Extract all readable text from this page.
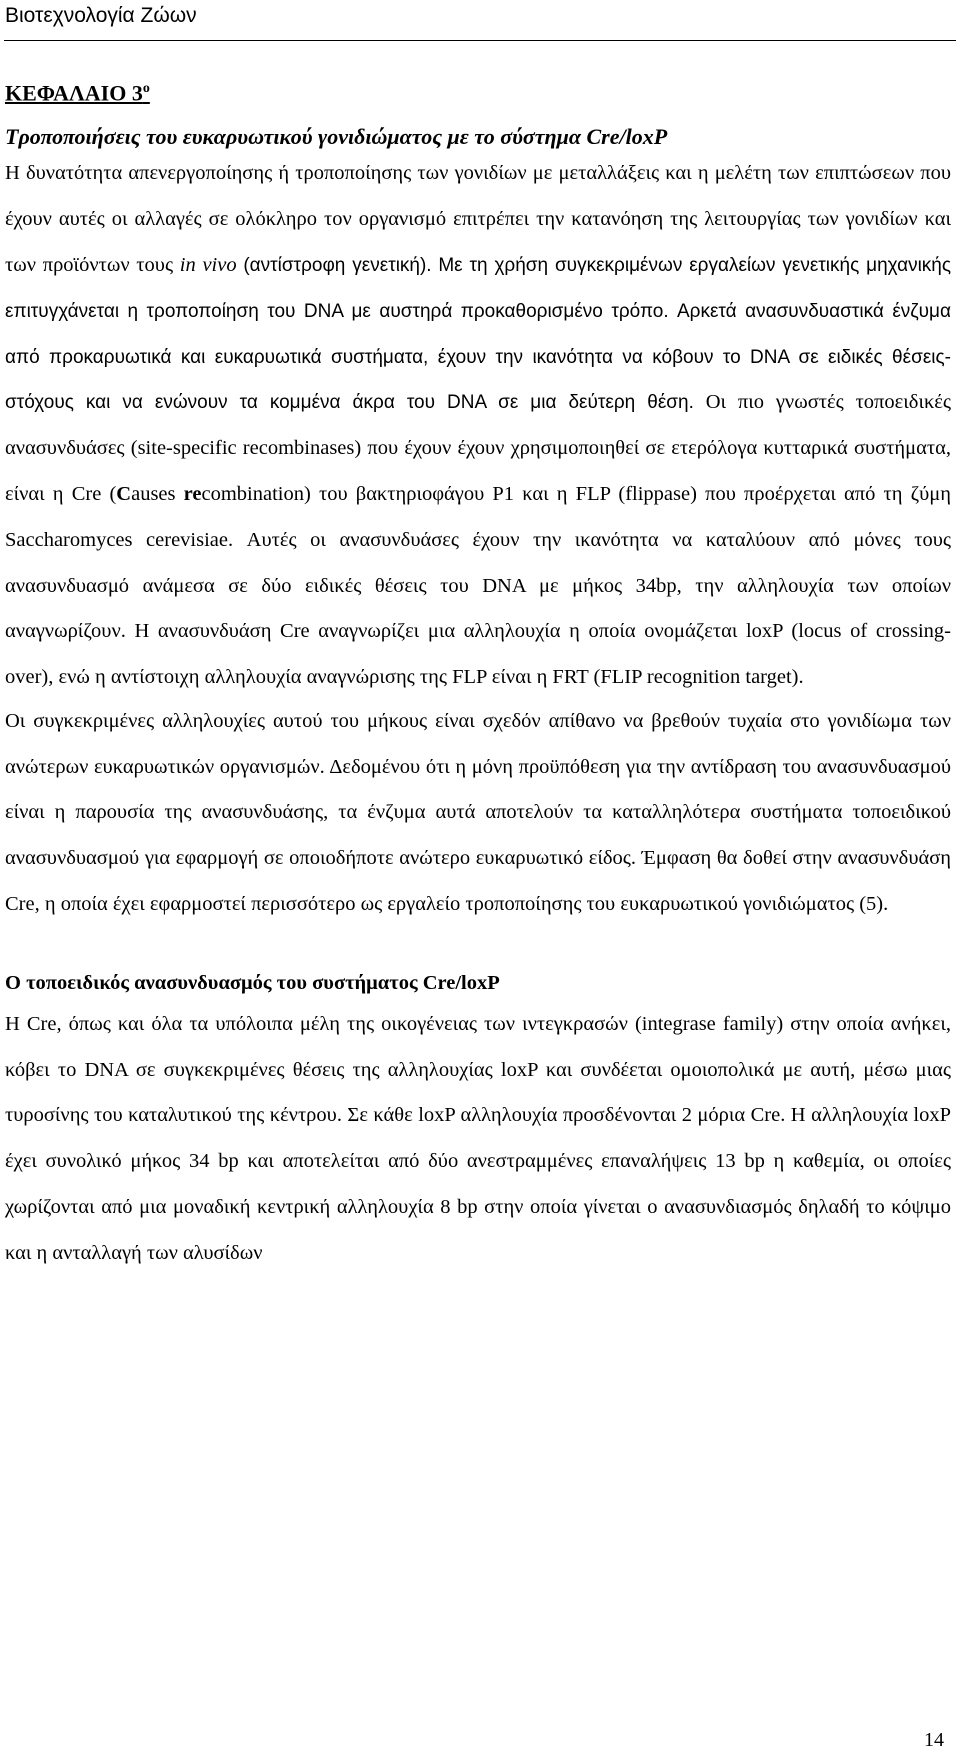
Βιοτεχνολογία Ζώων

ΚΕΦΑΛΑΙΟ $3^o$

Τροποποιήσεις του ευκαρυωτικού γονιδιώματος με το σύστημα Cre/loxP

Η δυνατότητα απενεργοποίησης ή τροποποίησης των γονιδίων με μεταλλάξεις και η μελέτη των επιπτώσεων που έχουν αυτές οι αλλαγές σε ολόκληρο τον οργανισμό επιτρέπει την κατανόηση της λειτουργίας των γονιδίων και των προϊόντων τους in vivo (αντίστροφη γενετική). Με τη χρήση συγκεκριμένων εργαλείων γενετικής μηχανικής επιτυγχάνεται η τροποποίηση του DNA με αυστηρά προκαθορισμένο τρόπο. Αρκετά ανασυνδυαστικά ένζυμα από προκαρυωτικά και ευκαρυωτικά συστήματα, έχουν την ικανότητα να κόβουν το DNA σε ειδικές θέσεις-στόχους και να ενώνουν τα κομμένα άκρα του DNA σε μια δεύτερη θέση. Οι πιο γνωστές τοποειδικές ανασυνδυάσες (site-specific recombinases) που έχουν έχουν χρησιμοποιηθεί σε ετερόλογα κυτταρικά συστήματα, είναι η Cre (Causes recombination) του βακτηριοφάγου P1 και η FLP (flippase) που προέρχεται από τη ζύμη Saccharomyces cerevisiae. Αυτές οι ανασυνδυάσες έχουν την ικανότητα να καταλύουν από μόνες τους ανασυνδυασμό ανάμεσα σε δύο ειδικές θέσεις του DNA με μήκος 34bp, την αλληλουχία των οποίων αναγνωρίζουν. Η ανασυνδυάση Cre αναγνωρίζει μια αλληλουχία η οποία ονομάζεται loxP (locus of crossing-over), ενώ η αντίστοιχη αλληλουχία αναγνώρισης της FLP είναι η FRT (FLIP recognition target).

Οι συγκεκριμένες αλληλουχίες αυτού του μήκους είναι σχεδόν απίθανο να βρεθούν τυχαία στο γονιδίωμα των ανώτερων ευκαρυωτικών οργανισμών. Δεδομένου ότι η μόνη προϋπόθεση για την αντίδραση του ανασυνδυασμού είναι η παρουσία της ανασυνδυάσης, τα ένζυμα αυτά αποτελούν τα καταλληλότερα συστήματα τοποειδικού ανασυνδυασμού για εφαρμογή σε οποιοδήποτε ανώτερο ευκαρυωτικό είδος. Έμφαση θα δοθεί στην ανασυνδυάση Cre, η οποία έχει εφαρμοστεί περισσότερο ως εργαλείο τροποποίησης του ευκαρυωτικού γονιδιώματος (5).

Ο τοποειδικός ανασυνδυασμός του συστήματος Cre/loxP

Η Cre, όπως και όλα τα υπόλοιπα μέλη της οικογένειας των ιντεγκρασών (integrase family) στην οποία ανήκει, κόβει το DNA σε συγκεκριμένες θέσεις της αλληλουχίας loxP και συνδέεται ομοιοπολικά με αυτή, μέσω μιας τυροσίνης του καταλυτικού της κέντρου. Σε κάθε loxP αλληλουχία προσδένονται 2 μόρια Cre. Η αλληλουχία loxP έχει συνολικό μήκος 34 bp και αποτελείται από δύο ανεστραμμένες επαναλήψεις 13 bp η καθεμία, οι οποίες χωρίζονται από μια μοναδική κεντρική αλληλουχία 8 bp στην οποία γίνεται ο ανασυνδιασμός δηλαδή το κόψιμο και η ανταλλαγή των αλυσίδων

14
